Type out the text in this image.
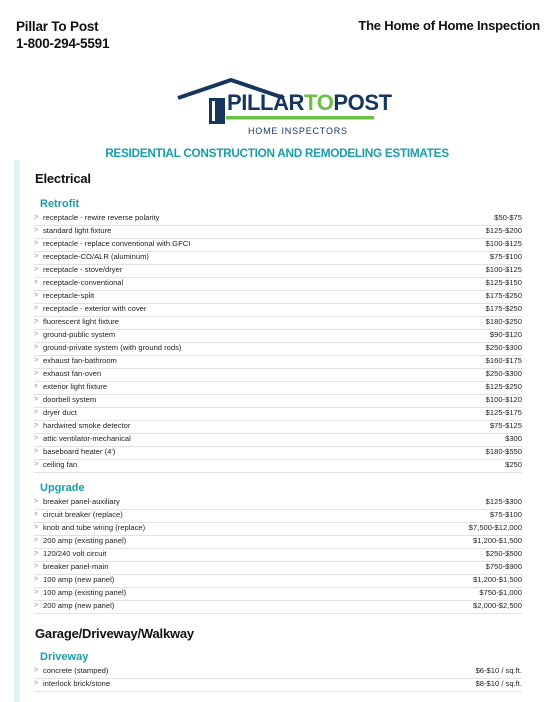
Pillar To Post
1-800-294-5591
The Home of Home Inspection
PILLARTOPOST
HOME INSPECTORS
RESIDENTIAL CONSTRUCTION AND REMODELING ESTIMATES
Electrical
Retrofit
> receptacle - rewire reverse polarity	$50-$75
> standard light fixture	$125-$200
> receptacle - replace conventional with GFCI	$100-$125
> receptacle-CO/ALR (aluminum)	$75-$100
> receptacle - stove/dryer	$100-$125
> receptacle-conventional	$125-$150
> receptacle-split	$175-$250
> receptacle - exterior with cover	$175-$250
> fluorescent light fixture	$180-$250
> ground-public system	$90-$120
> ground-private system (with ground rods)	$250-$300
> exhaust fan-bathroom	$160-$175
> exhaust fan-oven	$250-$300
> exterior light fixture	$125-$250
> doorbell system	$100-$120
> dryer duct	$125-$175
> hardwired smoke detector	$75-$125
> attic ventilator-mechanical	$300
> baseboard heater (4')	$180-$550
> ceiling fan	$250
Upgrade
> breaker panel-auxiliary	$125-$300
> circuit breaker (replace)	$75-$100
> knob and tube wiring (replace)	$7,500-$12,000
> 200 amp (existing panel)	$1,200-$1,500
> 120/240 volt circuit	$250-$500
> breaker panel-main	$750-$900
> 100 amp (new panel)	$1,200-$1,500
> 100 amp (existing panel)	$750-$1,000
> 200 amp (new panel)	$2,000-$2,500
Garage/Driveway/Walkway
Driveway
> concrete (stamped)	$6-$10 / sq.ft.
> interlock brick/stone	$8-$10 / sq.ft.
